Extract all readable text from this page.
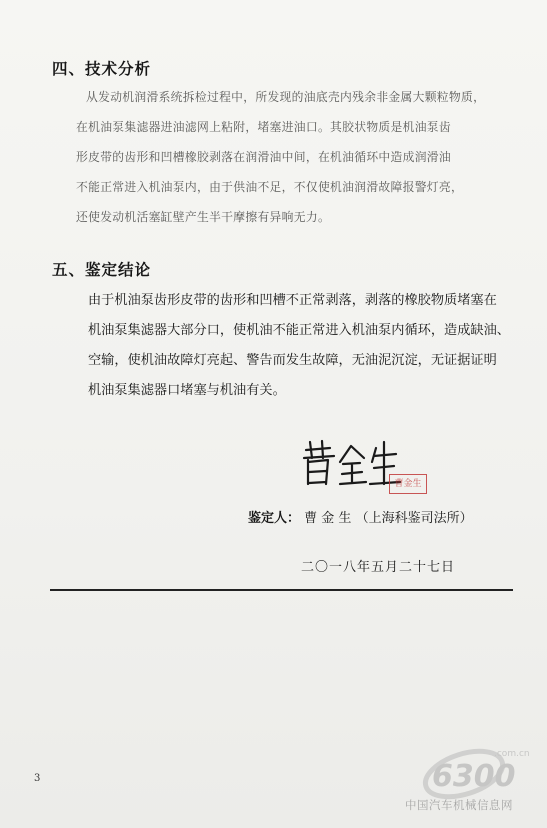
四、技术分析

从发动机润滑系统拆检过程中，所发现的油底壳内残余非金属大颗粒物质，

在机油泵集滤器进油滤网上粘附，堵塞进油口。其胶状物质是机油泵齿

形皮带的齿形和凹槽橡胶剥落在润滑油中间，在机油循环中造成润滑油

不能正常进入机油泵内，由于供油不足，不仅使机油润滑故障报警灯亮，

还使发动机活塞缸壁产生半干摩擦有异响无力。

五、鉴定结论

由于机油泵齿形皮带的齿形和凹槽不正常剥落，剥落的橡胶物质堵塞在

机油泵集滤器大部分口，使机油不能正常进入机油泵内循环，造成缺油、

空输，使机油故障灯亮起、警告而发生故障，无油泥沉淀，无证据证明

机油泵集滤器口堵塞与机油有关。

曹金生
鉴定人： 曹 金 生 （上海科鉴司法所）
二〇一八年五月二十七日
3	6300
.com.cn
中国汽车机械信息网
